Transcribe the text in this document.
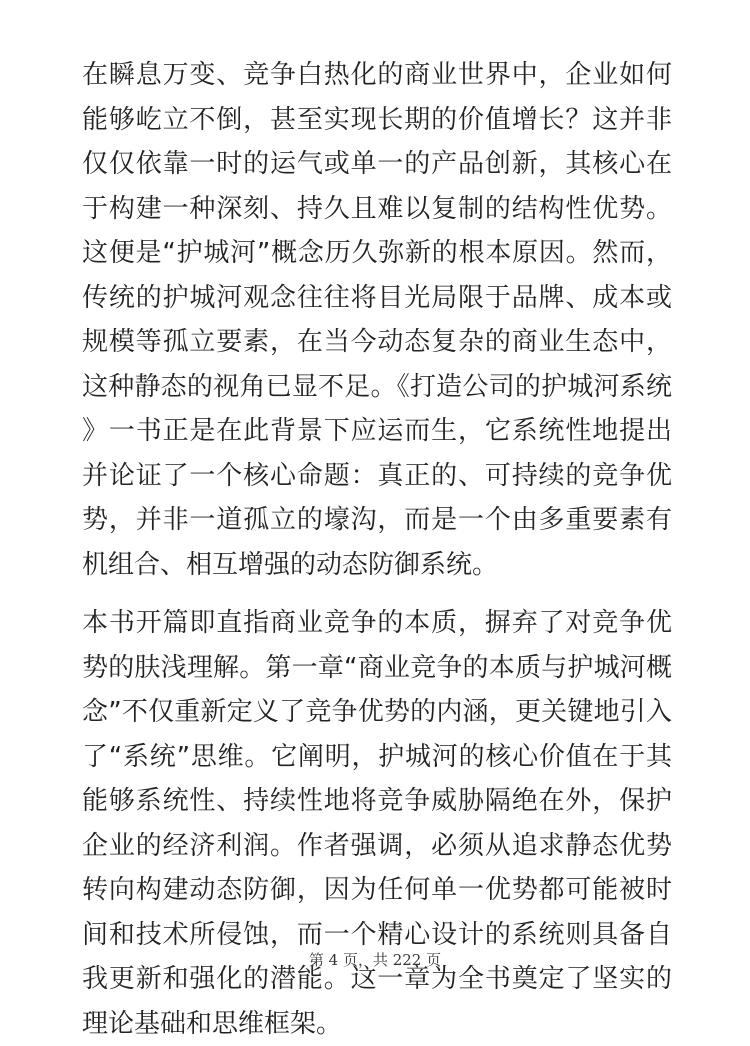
在瞬息万变、竞争白热化的商业世界中，企业如何能够屹立不倒，甚至实现长期的价值增长？这并非仅仅依靠一时的运气或单一的产品创新，其核心在于构建一种深刻、持久且难以复制的结构性优势。这便是“护城河”概念历久弥新的根本原因。然而，传统的护城河观念往往将目光局限于品牌、成本或规模等孤立要素，在当今动态复杂的商业生态中，这种静态的视角已显不足。《打造公司的护城河系统》一书正是在此背景下应运而生，它系统性地提出并论证了一个核心命题：真正的、可持续的竞争优势，并非一道孤立的壕沟，而是一个由多重要素有机组合、相互增强的动态防御系统。

本书开篇即直指商业竞争的本质，摒弃了对竞争优势的肤浅理解。第一章“商业竞争的本质与护城河概念”不仅重新定义了竞争优势的内涵，更关键地引入了“系统”思维。它阐明，护城河的核心价值在于其能够系统性、持续性地将竞争威胁隔绝在外，保护企业的经济利润。作者强调，必须从追求静态优势转向构建动态防御，因为任何单一优势都可能被时间和技术所侵蚀，而一个精心设计的系统则具备自我更新和强化的潜能。这一章为全书奠定了坚实的理论基础和思维框架。

第 4 页，共 222 页
